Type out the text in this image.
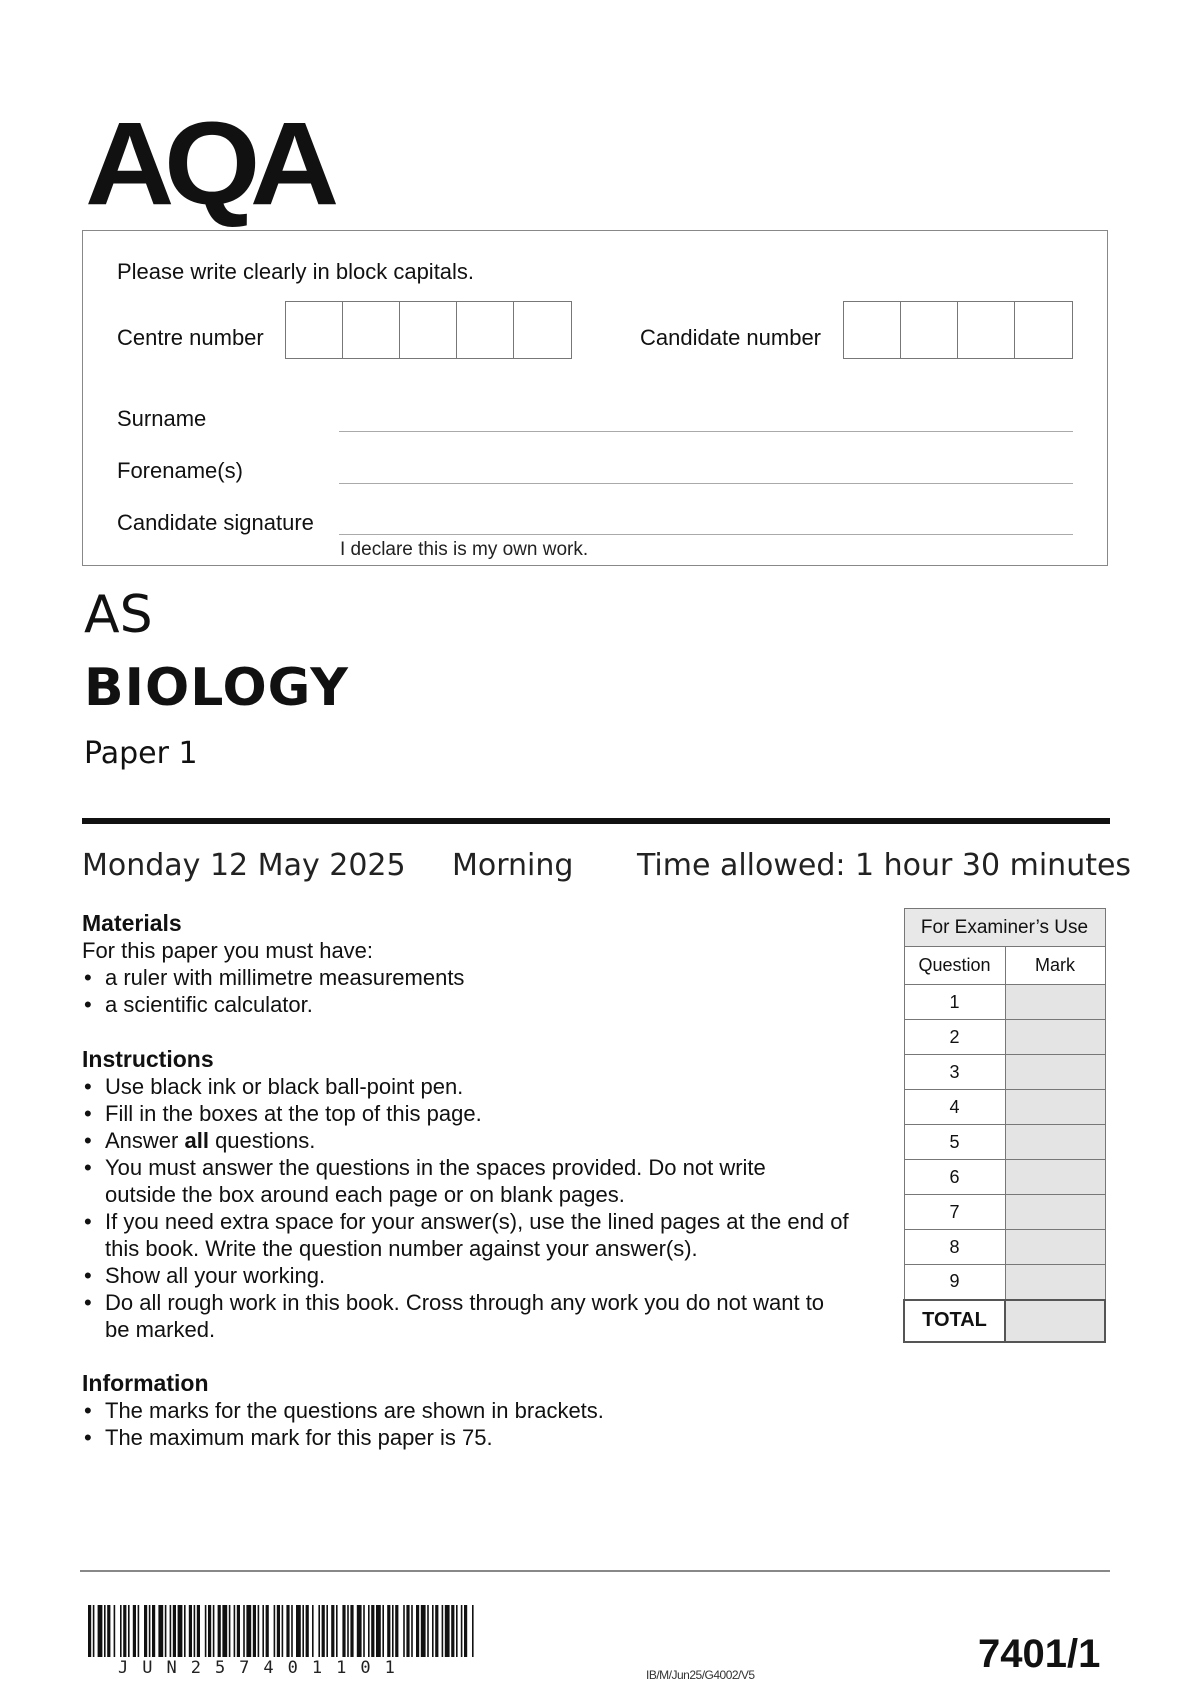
AQA
Please write clearly in block capitals.
Centre number	Candidate number
Surname
Forename(s)
Candidate signature
I declare this is my own work.
AS
BIOLOGY
Paper 1
Monday 12 May 2025 Morning Time allowed: 1 hour 30 minutes
Materials
For this paper you must have:
• a ruler with millimetre measurements
• a scientific calculator.
Instructions
• Use black ink or black ball-point pen.
• Fill in the boxes at the top of this page.
• Answer all questions.
• You must answer the questions in the spaces provided. Do not write outside the box around each page or on blank pages.
• If you need extra space for your answer(s), use the lined pages at the end of this book. Write the question number against your answer(s).
• Show all your working.
• Do all rough work in this book. Cross through any work you do not want to be marked.
Information
• The marks for the questions are shown in brackets.
• The maximum mark for this paper is 75.
For Examiner’s Use	
Question	Mark
1	
2	
3	
4	
5	
6	
7	
8	
9	
TOTAL	
JUN257401101	IB/M/Jun25/G4002/V5	7401/1
